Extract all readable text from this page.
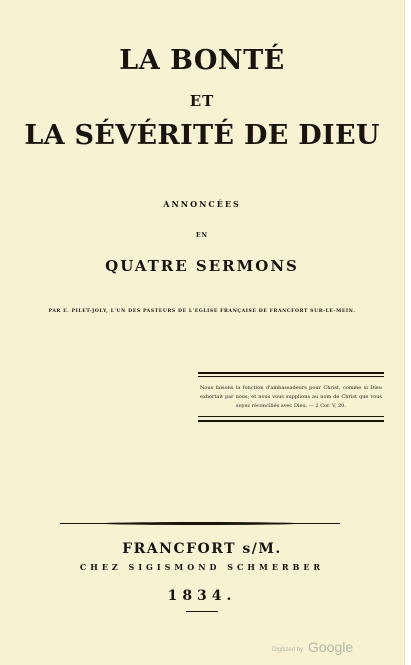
LA BONTÉ
ET
LA SÉVÉRITÉ DE DIEU
ANNONCÉES
EN
QUATRE SERMONS
PAR E. PILET-JOLY, L'UN DES PASTEURS DE L'EGLISE FRANÇAISE DE FRANCFORT SUR-LE-MEIN.
Nous faisons la fonction d'ambassadeurs pour Christ, comme si Dieu exhortait par nous; et nous vous supplions au nom de Christ que vous soyez réconciliés avec Dieu. — 2 Cor. V, 20.
FRANCFORT s/M.
CHEZ SIGISMOND SCHMERBER
1834.
Digitized by Google
